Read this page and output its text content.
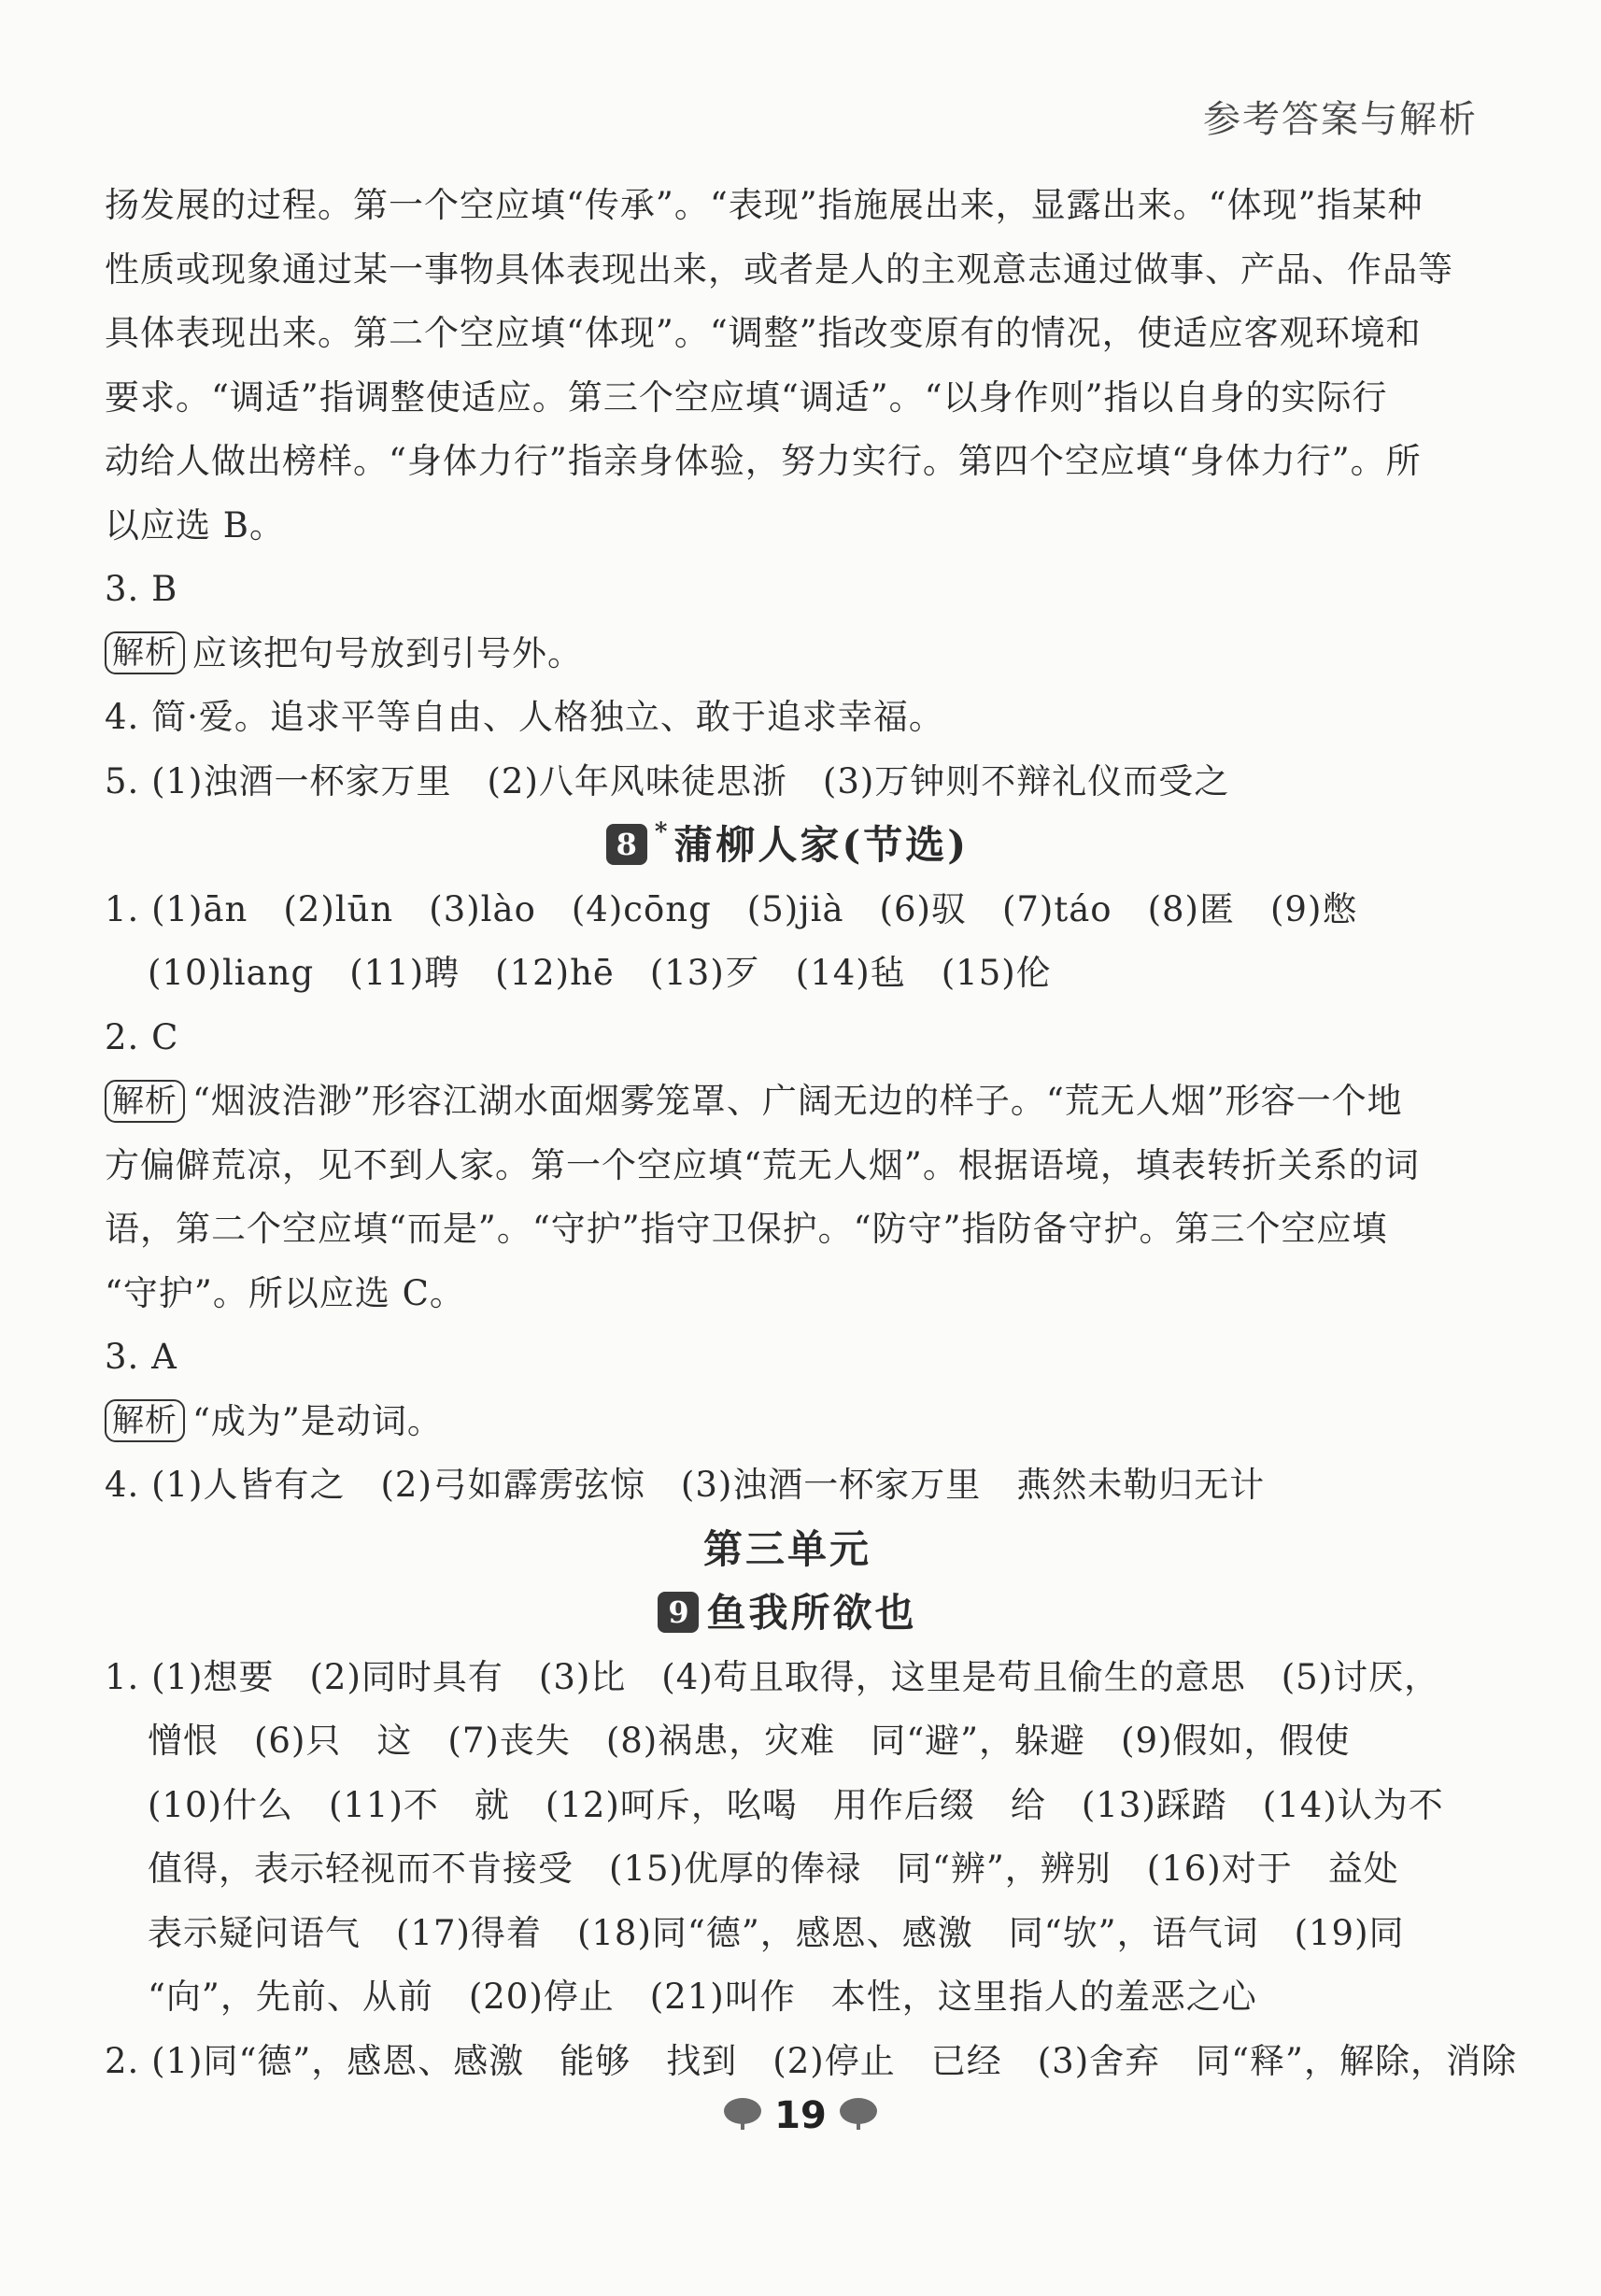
参考答案与解析
扬发展的过程。第一个空应填“传承”。“表现”指施展出来，显露出来。“体现”指某种
性质或现象通过某一事物具体表现出来，或者是人的主观意志通过做事、产品、作品等
具体表现出来。第二个空应填“体现”。“调整”指改变原有的情况，使适应客观环境和
要求。“调适”指调整使适应。第三个空应填“调适”。“以身作则”指以自身的实际行
动给人做出榜样。“身体力行”指亲身体验，努力实行。第四个空应填“身体力行”。所
以应选 B。
3. B
解析 应该把句号放到引号外。
4. 简·爱。追求平等自由、人格独立、敢于追求幸福。
5. (1)浊酒一杯家万里　(2)八年风味徒思浙　(3)万钟则不辩礼仪而受之
8 *蒲柳人家(节选)
1. (1)ān　(2)lūn　(3)lào　(4)cōng　(5)jià　(6)驭　(7)táo　(8)匿　(9)憋
(10)liang　(11)聘　(12)hē　(13)歹　(14)毡　(15)伦
2. C
解析 “烟波浩渺”形容江湖水面烟雾笼罩、广阔无边的样子。“荒无人烟”形容一个地
方偏僻荒凉，见不到人家。第一个空应填“荒无人烟”。根据语境，填表转折关系的词
语，第二个空应填“而是”。“守护”指守卫保护。“防守”指防备守护。第三个空应填
“守护”。所以应选 C。
3. A
解析 “成为”是动词。
4. (1)人皆有之　(2)弓如霹雳弦惊　(3)浊酒一杯家万里　燕然未勒归无计
第三单元
9 鱼我所欲也
1. (1)想要　(2)同时具有　(3)比　(4)苟且取得，这里是苟且偷生的意思　(5)讨厌，
憎恨　(6)只　这　(7)丧失　(8)祸患，灾难　同“避”，躲避　(9)假如，假使
(10)什么　(11)不　就　(12)呵斥，吆喝　用作后缀　给　(13)踩踏　(14)认为不
值得，表示轻视而不肯接受　(15)优厚的俸禄　同“辨”，辨别　(16)对于　益处
表示疑问语气　(17)得着　(18)同“德”，感恩、感激　同“欤”，语气词　(19)同
“向”，先前、从前　(20)停止　(21)叫作　本性，这里指人的羞恶之心
2. (1)同“德”，感恩、感激　能够　找到　(2)停止　已经　(3)舍弃　同“释”，解除，消除
19
